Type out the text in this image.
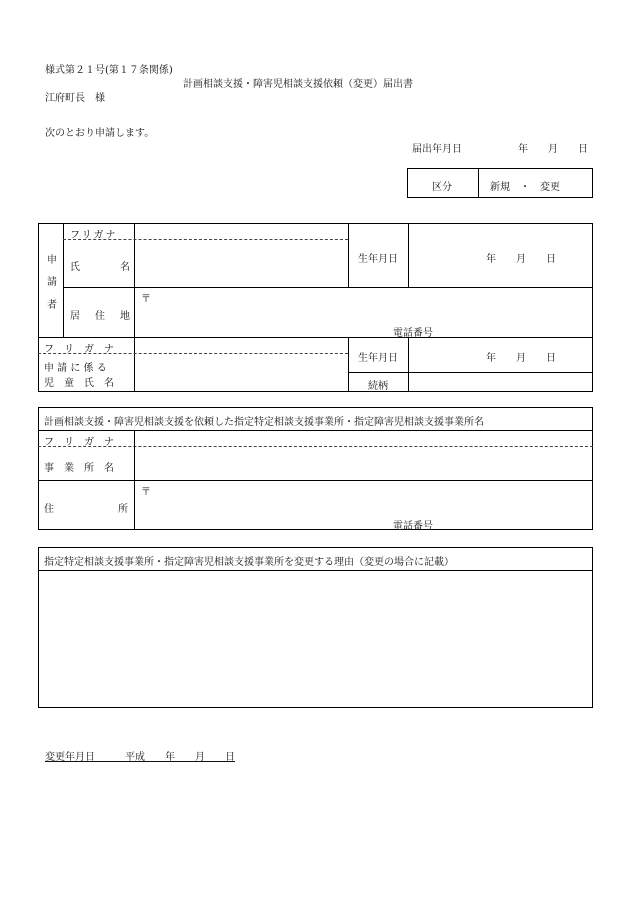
様式第２１号(第１７条関係)
計画相談支援・障害児相談支援依頼（変更）届出書
江府町長　様
次のとおり申請します。
届出年月日	年　　月　　日
区分	新規　・　変更
申
請
者
フリガナ
氏	名
生年月日	年　　月　　日
居 住 地
〒
電話番号
フ　リ　ガ　ナ
申 請 に 係 る
児　童　氏　名
生年月日	年　　月　　日
続柄
計画相談支援・障害児相談支援を依頼した指定特定相談支援事業所・指定障害児相談支援事業所名
フ　リ　ガ　ナ
事　業　所　名
住	所
〒
電話番号
指定特定相談支援事業所・指定障害児相談支援事業所を変更する理由（変更の場合に記載）
変更年月日　　　	平成　　 年　　月　　日
